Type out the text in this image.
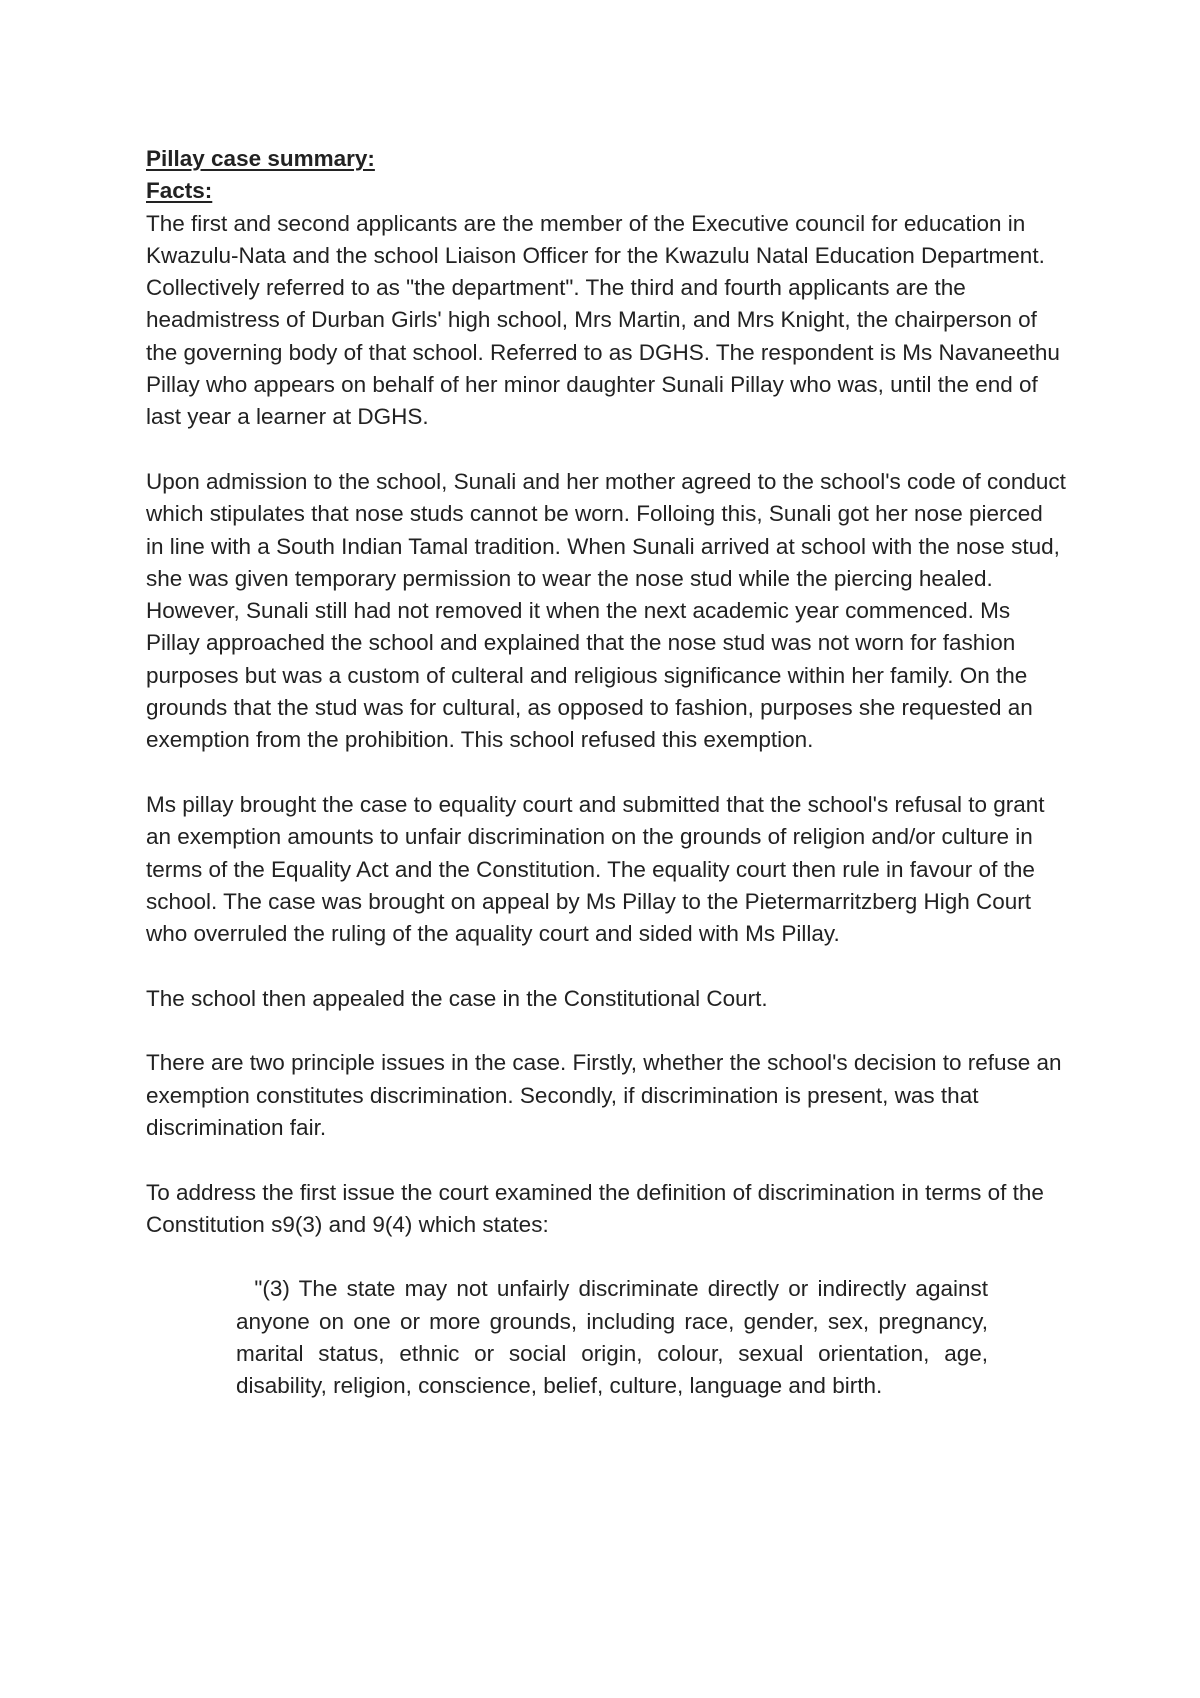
Pillay case summary:

Facts:

The first and second applicants are the member of the Executive council for education in Kwazulu-Nata and the school Liaison Officer for the Kwazulu Natal Education Department. Collectively referred to as "the department". The third and fourth applicants are the headmistress of Durban Girls' high school, Mrs Martin, and Mrs Knight, the chairperson of the governing body of that school. Referred to as DGHS. The respondent is Ms Navaneethu Pillay who appears on behalf of her minor daughter Sunali Pillay who was, until the end of last year a learner at DGHS.

Upon admission to the school, Sunali and her mother agreed to the school's code of conduct which stipulates that nose studs cannot be worn. Folloing this, Sunali got her nose pierced in line with a South Indian Tamal tradition. When Sunali arrived at school with the nose stud, she was given temporary permission to wear the nose stud while the piercing healed. However, Sunali still had not removed it when the next academic year commenced. Ms Pillay approached the school and explained that the nose stud was not worn for fashion purposes but was a custom of culteral and religious significance within her family. On the grounds that the stud was for cultural, as opposed to fashion, purposes she requested an exemption from the prohibition. This school refused this exemption.

Ms pillay brought the case to equality court and submitted that the school's refusal to grant an exemption amounts to unfair discrimination on the grounds of religion and/or culture in terms of the Equality Act and the Constitution. The equality court then rule in favour of the school. The case was brought on appeal by Ms Pillay to the Pietermarritzberg High Court who overruled the ruling of the aquality court and sided with Ms Pillay.

The school then appealed the case in the Constitutional Court.

There are two principle issues in the case. Firstly, whether the school's decision to refuse an exemption constitutes discrimination. Secondly, if discrimination is present, was that discrimination fair.

To address the first issue the court examined the definition of discrimination in terms of the Constitution s9(3) and 9(4) which states:

"(3) The state may not unfairly discriminate directly or indirectly against anyone on one or more grounds, including race, gender, sex, pregnancy, marital status, ethnic or social origin, colour, sexual orientation, age, disability, religion, conscience, belief, culture, language and birth.
